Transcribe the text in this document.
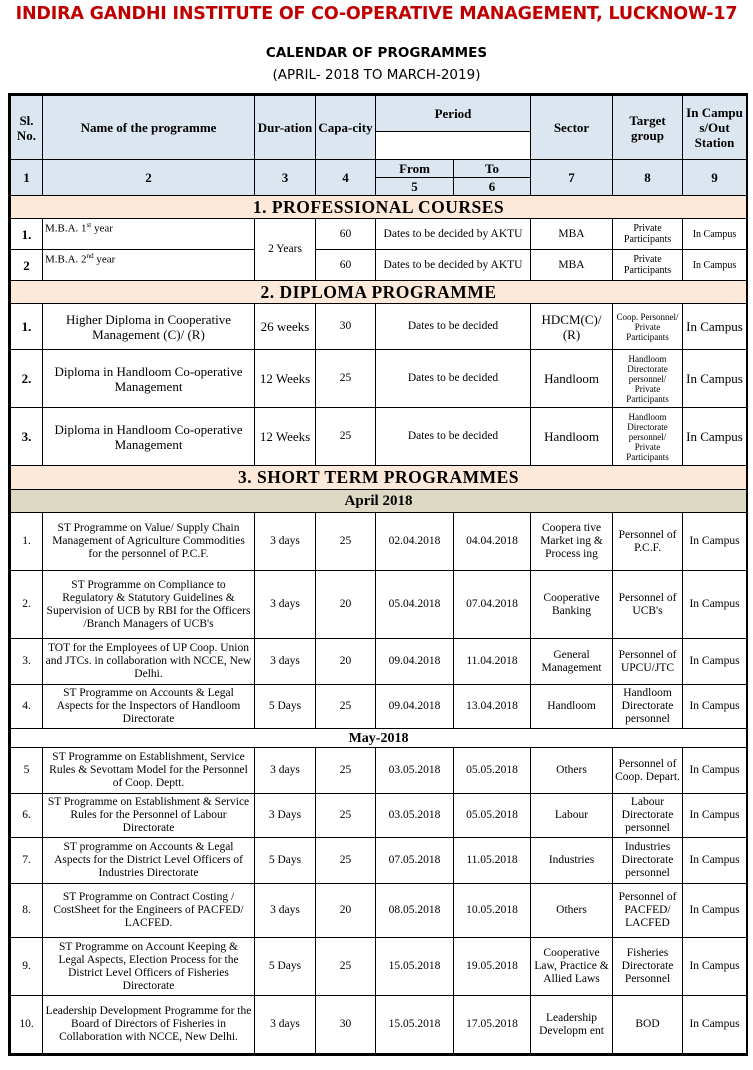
INDIRA GANDHI INSTITUTE OF CO-OPERATIVE MANAGEMENT, LUCKNOW-17
CALENDAR OF PROGRAMMES
(APRIL- 2018 TO MARCH-2019)
Sl. No.	Name of the programme	Dur-ation	Capa-city	Period		Sector	Target group	In Campu s/Out Station

1	2	3	4	From	To	7	8	9
				5	6			
1. PROFESSIONAL COURSES								
1.	M.B.A. 1st year	2 Years	60	Dates to be decided by AKTU		MBA	Private Participants	In Campus
2	M.B.A. 2nd year		60	Dates to be decided by AKTU		MBA	Private Participants	In Campus
2. DIPLOMA PROGRAMME								
1.	Higher Diploma in Cooperative Management (C)/ (R)	26 weeks	30	Dates to be decided		HDCM(C)/ (R)	Coop. Personnel/ Private Participants	In Campus
2.	Diploma in Handloom Co-operative Management	12 Weeks	25	Dates to be decided		Handloom	Handloom Directorate personnel/ Private Participants	In Campus
3.	Diploma in Handloom Co-operative Management	12 Weeks	25	Dates to be decided		Handloom	Handloom Directorate personnel/ Private Participants	In Campus
3. SHORT TERM PROGRAMMES								
April 2018								
1.	ST Programme on Value/ Supply Chain Management of Agriculture Commodities for the personnel of P.C.F.	3 days	25	02.04.2018	04.04.2018	Coopera tive Market ing & Process ing	Personnel of P.C.F.	In Campus
2.	ST Programme on Compliance to Regulatory & Statutory Guidelines & Supervision of UCB by RBI for the Officers /Branch Managers of UCB's	3 days	20	05.04.2018	07.04.2018	Cooperative Banking	Personnel of UCB's	In Campus
3.	TOT for the Employees of UP Coop. Union and JTCs. in collaboration with NCCE, New Delhi.	3 days	20	09.04.2018	11.04.2018	General Management	Personnel of UPCU/JTC	In Campus
4.	ST Programme on Accounts & Legal Aspects for the Inspectors of Handloom Directorate	5 Days	25	09.04.2018	13.04.2018	Handloom	Handloom Directorate personnel	In Campus
May-2018								
5	ST Programme on Establishment, Service Rules & Sevottam Model for the Personnel of Coop. Deptt.	3 days	25	03.05.2018	05.05.2018	Others	Personnel of Coop. Depart.	In Campus
6.	ST Programme on Establishment & Service Rules for the Personnel of Labour Directorate	3 Days	25	03.05.2018	05.05.2018	Labour	Labour Directorate personnel	In Campus
7.	ST programme on Accounts & Legal Aspects for the District Level Officers of Industries Directorate	5 Days	25	07.05.2018	11.05.2018	Industries	Industries Directorate personnel	In Campus
8.	ST Programme on Contract Costing / CostSheet for the Engineers of PACFED/ LACFED.	3 days	20	08.05.2018	10.05.2018	Others	Personnel of PACFED/ LACFED	In Campus
9.	ST Programme on Account Keeping & Legal Aspects, Election Process for the District Level Officers of Fisheries Directorate	5 Days	25	15.05.2018	19.05.2018	Cooperative Law, Practice & Allied Laws	Fisheries Directorate Personnel	In Campus
10.	Leadership Development Programme for the Board of Directors of Fisheries in Collaboration with NCCE, New Delhi.	3 days	30	15.05.2018	17.05.2018	Leadership Developm ent	BOD	In Campus
